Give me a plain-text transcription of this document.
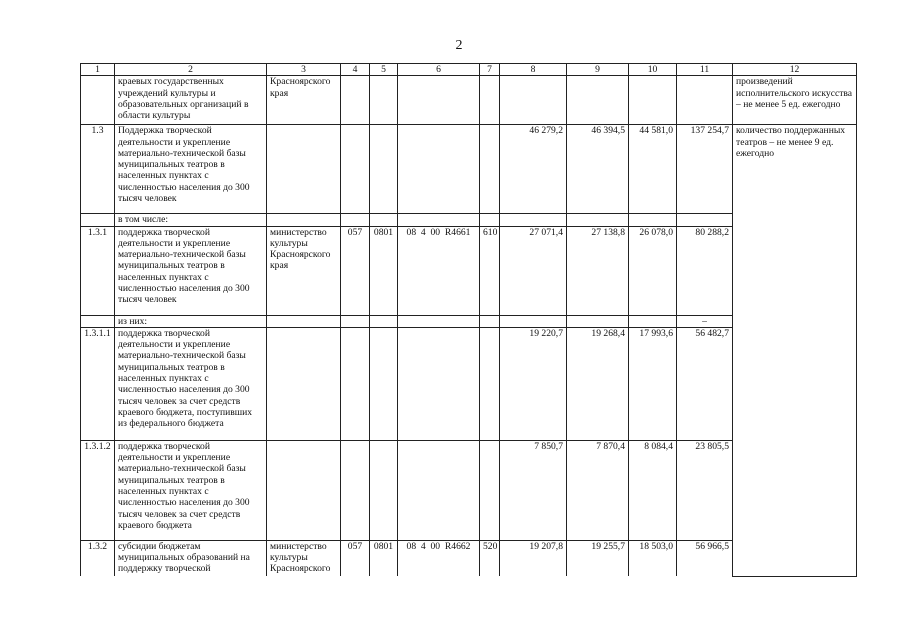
2
1	2	3	4	5	6	7	8	9	10	11	12	
	краевых государственных учреждений культуры и образовательных организаций в области культуры	Красноярского края									произведений исполнительского искусства – не менее 5 ед. ежегодно	
1.3	Поддержка творческой деятельности и укрепление материально-технической базы муниципальных театров в населенных пунктах с численностью населения до 300 тысяч человек						46 279,2	46 394,5	44 581,0	137 254,7	количество поддержанных театров – не менее 9 ед. ежегодно	
	в том числе:											
1.3.1	поддержка творческой деятельности и укрепление материально-технической базы муниципальных театров в населенных пунктах с численностью населения до 300 тысяч человек	министерство культуры Красноярского края	057	0801	08  4  00  R4661	610	27 071,4	27 138,8	26 078,0	80 288,2		
	из них:									–		
1.3.1.1	поддержка творческой деятельности и укрепление материально-технической базы муниципальных театров в населенных пунктах с численностью населения до 300 тысяч человек за счет средств краевого бюджета, поступивших из федерального бюджета						19 220,7	19 268,4	17 993,6	56 482,7		
1.3.1.2	поддержка творческой деятельности и укрепление материально-технической базы муниципальных театров в населенных пунктах с численностью населения до 300 тысяч человек за счет средств краевого бюджета						7 850,7	7 870,4	8 084,4	23 805,5		
1.3.2	субсидии бюджетам муниципальных образований на поддержку творческой	министерство культуры Красноярского	057	0801	08  4  00  R4662	520	19 207,8	19 255,7	18 503,0	56 966,5		
